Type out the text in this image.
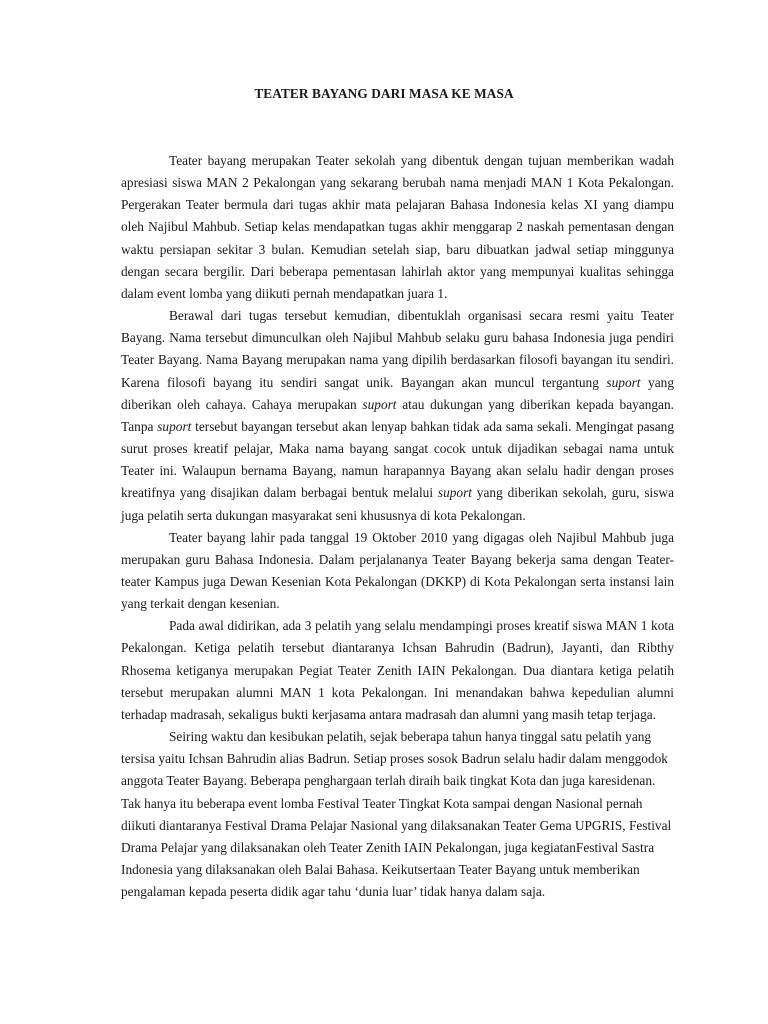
TEATER BAYANG DARI MASA KE MASA

Teater bayang merupakan Teater sekolah yang dibentuk dengan tujuan memberikan wadah apresiasi siswa MAN 2 Pekalongan yang sekarang berubah nama menjadi MAN 1 Kota Pekalongan. Pergerakan Teater bermula dari tugas akhir mata pelajaran Bahasa Indonesia kelas XI yang diampu oleh Najibul Mahbub. Setiap kelas mendapatkan tugas akhir menggarap 2 naskah pementasan dengan waktu persiapan sekitar 3 bulan. Kemudian setelah siap, baru dibuatkan jadwal setiap minggunya dengan secara bergilir. Dari beberapa pementasan lahirlah aktor yang mempunyai kualitas sehingga dalam event lomba yang diikuti pernah mendapatkan juara 1.

Berawal dari tugas tersebut kemudian, dibentuklah organisasi secara resmi yaitu Teater Bayang. Nama tersebut dimunculkan oleh Najibul Mahbub selaku guru bahasa Indonesia juga pendiri Teater Bayang. Nama Bayang merupakan nama yang dipilih berdasarkan filosofi bayangan itu sendiri. Karena filosofi bayang itu sendiri sangat unik. Bayangan akan muncul tergantung suport yang diberikan oleh cahaya. Cahaya merupakan suport atau dukungan yang diberikan kepada bayangan. Tanpa suport tersebut bayangan tersebut akan lenyap bahkan tidak ada sama sekali. Mengingat pasang surut proses kreatif pelajar, Maka nama bayang sangat cocok untuk dijadikan sebagai nama untuk Teater ini. Walaupun bernama Bayang, namun harapannya Bayang akan selalu hadir dengan proses kreatifnya yang disajikan dalam berbagai bentuk melalui suport yang diberikan sekolah, guru, siswa juga pelatih serta dukungan masyarakat seni khususnya di kota Pekalongan.

Teater bayang lahir pada tanggal 19 Oktober 2010 yang digagas oleh Najibul Mahbub juga merupakan guru Bahasa Indonesia. Dalam perjalananya Teater Bayang bekerja sama dengan Teater-teater Kampus juga Dewan Kesenian Kota Pekalongan (DKKP) di Kota Pekalongan serta instansi lain yang terkait dengan kesenian.

Pada awal didirikan, ada 3 pelatih yang selalu mendampingi proses kreatif siswa MAN 1 kota Pekalongan. Ketiga pelatih tersebut diantaranya Ichsan Bahrudin (Badrun), Jayanti, dan Ribthy Rhosema ketiganya merupakan Pegiat Teater Zenith IAIN Pekalongan. Dua diantara ketiga pelatih tersebut merupakan alumni MAN 1 kota Pekalongan. Ini menandakan bahwa kepedulian alumni terhadap madrasah, sekaligus bukti kerjasama antara madrasah dan alumni yang masih tetap terjaga.

Seiring waktu dan kesibukan pelatih, sejak beberapa tahun hanya tinggal satu pelatih yang tersisa yaitu Ichsan Bahrudin alias Badrun. Setiap proses sosok Badrun selalu hadir dalam menggodok anggota Teater Bayang. Beberapa penghargaan terlah diraih baik tingkat Kota dan juga karesidenan. Tak hanya itu beberapa event lomba Festival Teater Tingkat Kota sampai dengan Nasional pernah diikuti diantaranya Festival Drama Pelajar Nasional yang dilaksanakan Teater Gema UPGRIS, Festival Drama Pelajar yang dilaksanakan oleh Teater Zenith IAIN Pekalongan, juga kegiatanFestival Sastra Indonesia yang dilaksanakan oleh Balai Bahasa. Keikutsertaan Teater Bayang untuk memberikan pengalaman kepada peserta didik agar tahu ‘dunia luar’ tidak hanya dalam saja.
